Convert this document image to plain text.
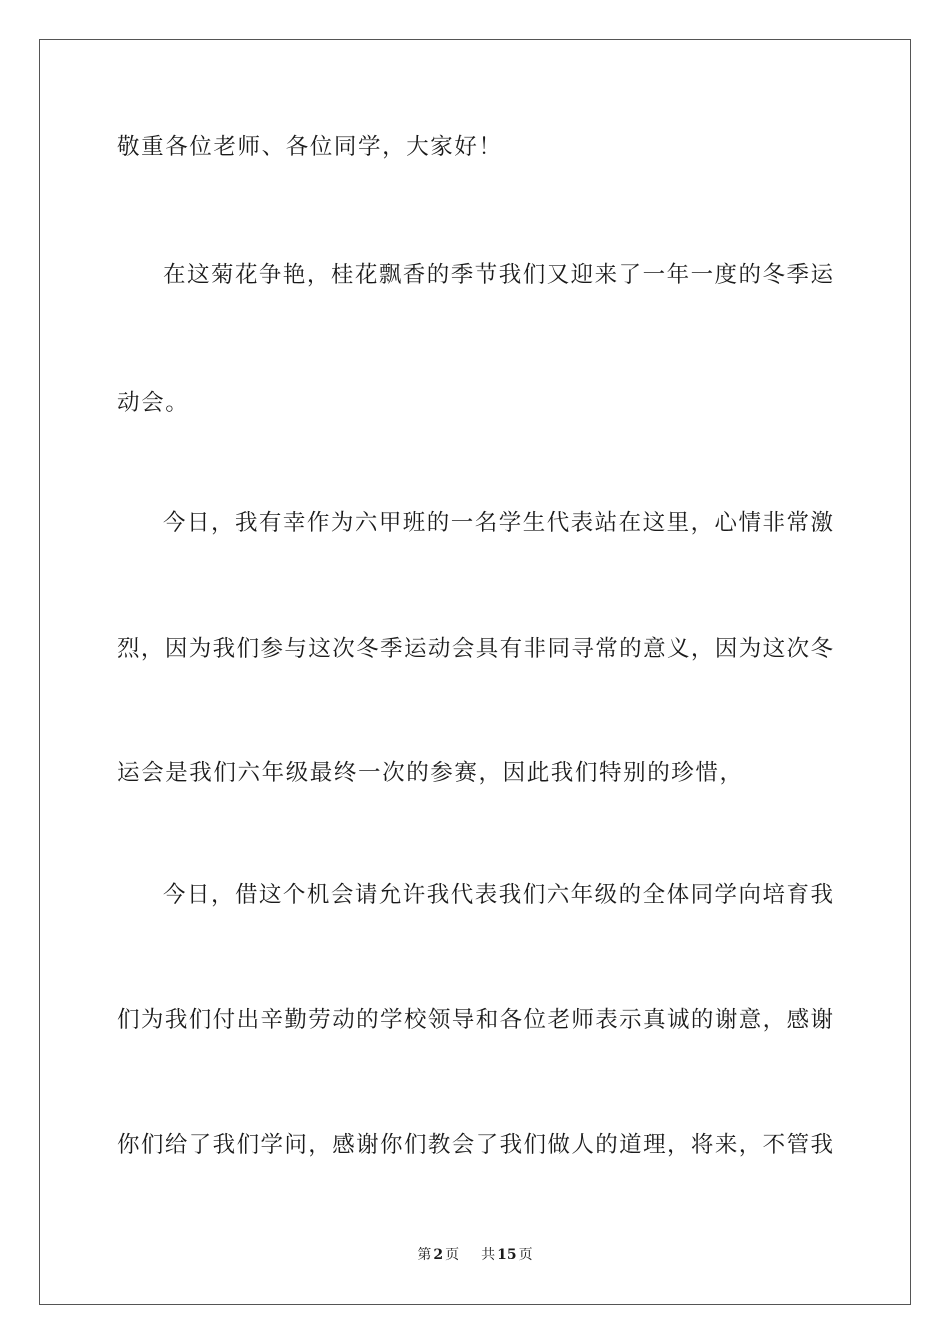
敬重各位老师、各位同学，大家好！
在这菊花争艳，桂花飘香的季节我们又迎来了一年一度的冬季运
动会。
今日，我有幸作为六甲班的一名学生代表站在这里，心情非常激
烈，因为我们参与这次冬季运动会具有非同寻常的意义，因为这次冬
运会是我们六年级最终一次的参赛，因此我们特别的珍惜，
今日，借这个机会请允许我代表我们六年级的全体同学向培育我
们为我们付出辛勤劳动的学校领导和各位老师表示真诚的谢意，感谢
你们给了我们学问，感谢你们教会了我们做人的道理，将来，不管我
第 2 页 共 15 页
